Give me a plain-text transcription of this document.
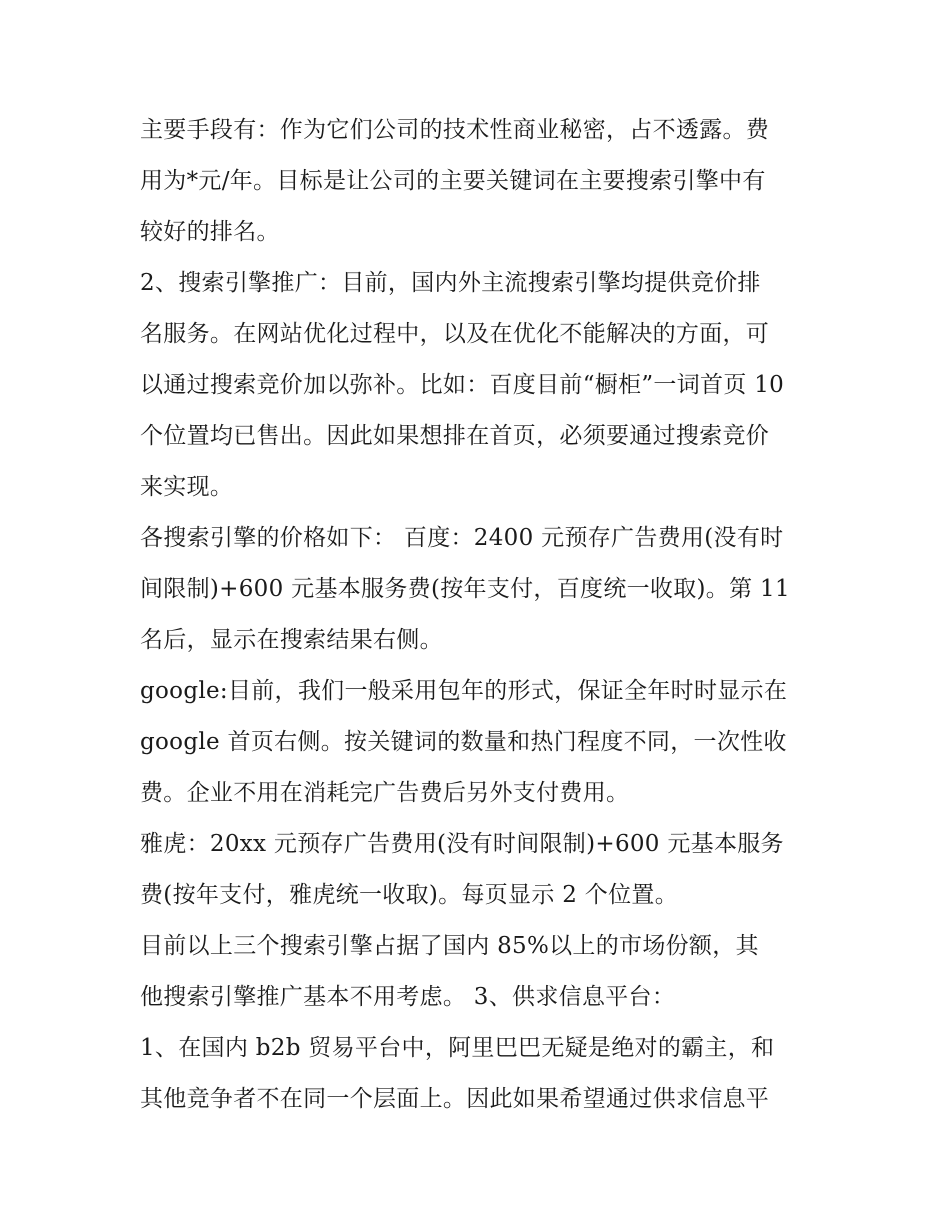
主要手段有：作为它们公司的技术性商业秘密，占不透露。费
用为*元/年。目标是让公司的主要关键词在主要搜索引擎中有
较好的排名。
2、搜索引擎推广：目前，国内外主流搜索引擎均提供竞价排
名服务。在网站优化过程中，以及在优化不能解决的方面，可
以通过搜索竞价加以弥补。比如：百度目前“橱柜”一词首页 10
个位置均已售出。因此如果想排在首页，必须要通过搜索竞价
来实现。
各搜索引擎的价格如下： 百度：2400 元预存广告费用(没有时
间限制)+600 元基本服务费(按年支付，百度统一收取)。第 11
名后，显示在搜索结果右侧。
google:目前，我们一般采用包年的形式，保证全年时时显示在
google 首页右侧。按关键词的数量和热门程度不同，一次性收
费。企业不用在消耗完广告费后另外支付费用。
雅虎：20xx 元预存广告费用(没有时间限制)+600 元基本服务
费(按年支付，雅虎统一收取)。每页显示 2 个位置。
目前以上三个搜索引擎占据了国内 85%以上的市场份额，其
他搜索引擎推广基本不用考虑。 3、供求信息平台：
1、在国内 b2b 贸易平台中，阿里巴巴无疑是绝对的霸主，和
其他竞争者不在同一个层面上。因此如果希望通过供求信息平
